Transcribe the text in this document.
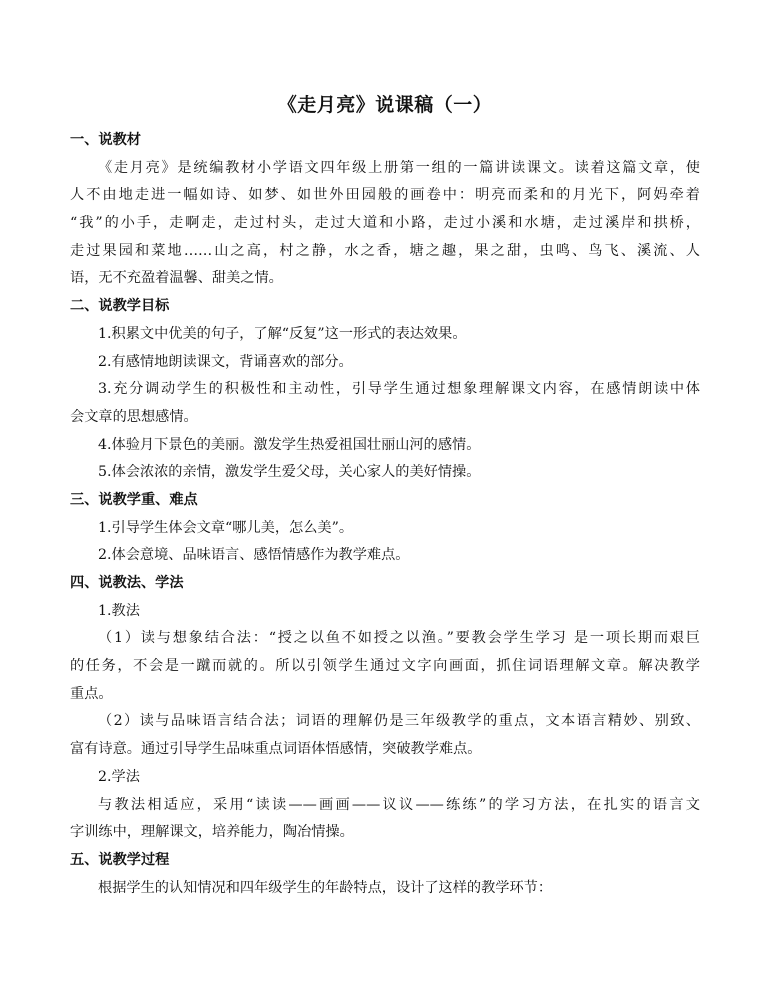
《走月亮》说课稿（一）
一、说教材
《走月亮》是统编教材小学语文四年级上册第一组的一篇讲读课文。读着这篇文章，使
人不由地走进一幅如诗、如梦、如世外田园般的画卷中：明亮而柔和的月光下，阿妈牵着
“我”的小手，走啊走，走过村头，走过大道和小路，走过小溪和水塘，走过溪岸和拱桥，
走过果园和菜地……山之高，村之静，水之香，塘之趣，果之甜，虫鸣、鸟飞、溪流、人
语，无不充盈着温馨、甜美之情。
二、说教学目标
1.积累文中优美的句子，了解“反复”这一形式的表达效果。
2.有感情地朗读课文，背诵喜欢的部分。
3.充分调动学生的积极性和主动性，引导学生通过想象理解课文内容，在感情朗读中体
会文章的思想感情。
4.体验月下景色的美丽。激发学生热爱祖国壮丽山河的感情。
5.体会浓浓的亲情，激发学生爱父母，关心家人的美好情操。
三、说教学重、难点
1.引导学生体会文章“哪儿美，怎么美”。
2.体会意境、品味语言、感悟情感作为教学难点。
四、说教法、学法
1.教法
（1）读与想象结合法：“授之以鱼不如授之以渔。”要教会学生学习 是一项长期而艰巨
的任务，不会是一蹴而就的。所以引领学生通过文字向画面，抓住词语理解文章。解决教学
重点。
（2）读与品味语言结合法；词语的理解仍是三年级教学的重点，文本语言精妙、别致、
富有诗意。通过引导学生品味重点词语体悟感情，突破教学难点。
2.学法
与教法相适应，采用“读读——画画——议议——练练”的学习方法，在扎实的语言文
字训练中，理解课文，培养能力，陶冶情操。
五、说教学过程
根据学生的认知情况和四年级学生的年龄特点，设计了这样的教学环节：
